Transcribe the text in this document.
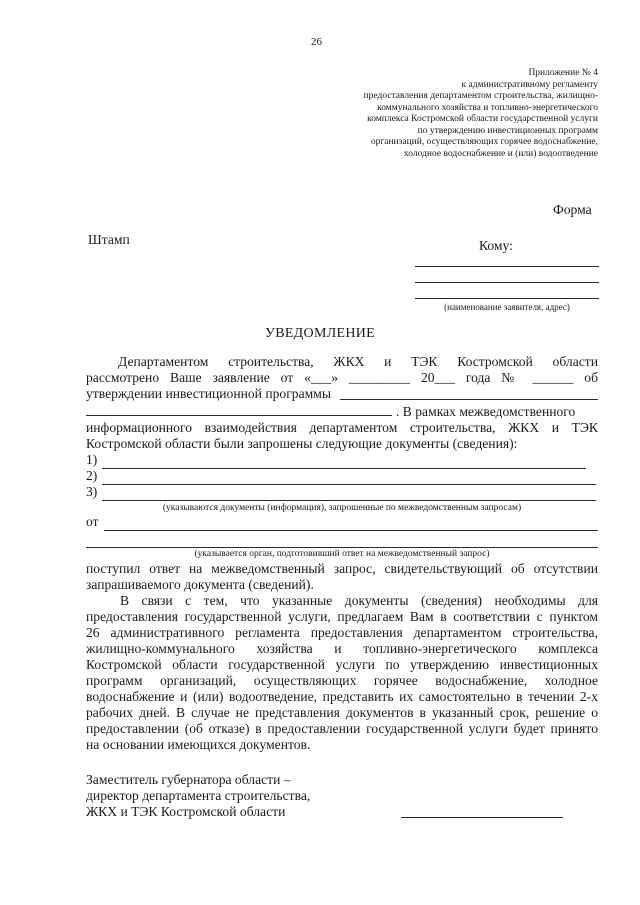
26
Приложение № 4
к административному регламенту
предоставления департаментом строительства, жилищно-
коммунального хозяйства и топливно-энергетического
комплекса Костромской области государственной услуги
по утверждению инвестиционных программ
организаций, осуществляющих горячее водоснабжение,
холодное водоснабжение и (или) водоотведение
Форма
Штамп	Кому:
(наименование заявителя, адрес)
УВЕДОМЛЕНИЕ
Департаментом строительства, ЖКХ и ТЭК Костромской области
рассмотрено Ваше заявление от «___» _________ 20___ года № ______ об
утверждении инвестиционной программы
. В рамках межведомственного
информационного взаимодействия департаментом строительства, ЖКХ и ТЭК
Костромской области были запрошены следующие документы (сведения):
1)
2)
3)
(указываются документы (информация), запрошенные по межведомственным запросам)
от
(указывается орган, подготовивший ответ на межведомственный запрос)
поступил ответ на межведомственный запрос, свидетельствующий об отсутствии
запрашиваемого документа (сведений).
В связи с тем, что указанные документы (сведения) необходимы для
предоставления государственной услуги, предлагаем Вам в соответствии с пунктом
26 административного регламента предоставления департаментом строительства,
жилищно-коммунального хозяйства и топливно-энергетического комплекса
Костромской области государственной услуги по утверждению инвестиционных
программ организаций, осуществляющих горячее водоснабжение, холодное
водоснабжение и (или) водоотведение, представить их самостоятельно в течении 2-х
рабочих дней. В случае не представления документов в указанный срок, решение о
предоставлении (об отказе) в предоставлении государственной услуги будет принято
на основании имеющихся документов.
Заместитель губернатора области –
директор департамента строительства,
ЖКХ и ТЭК Костромской области
